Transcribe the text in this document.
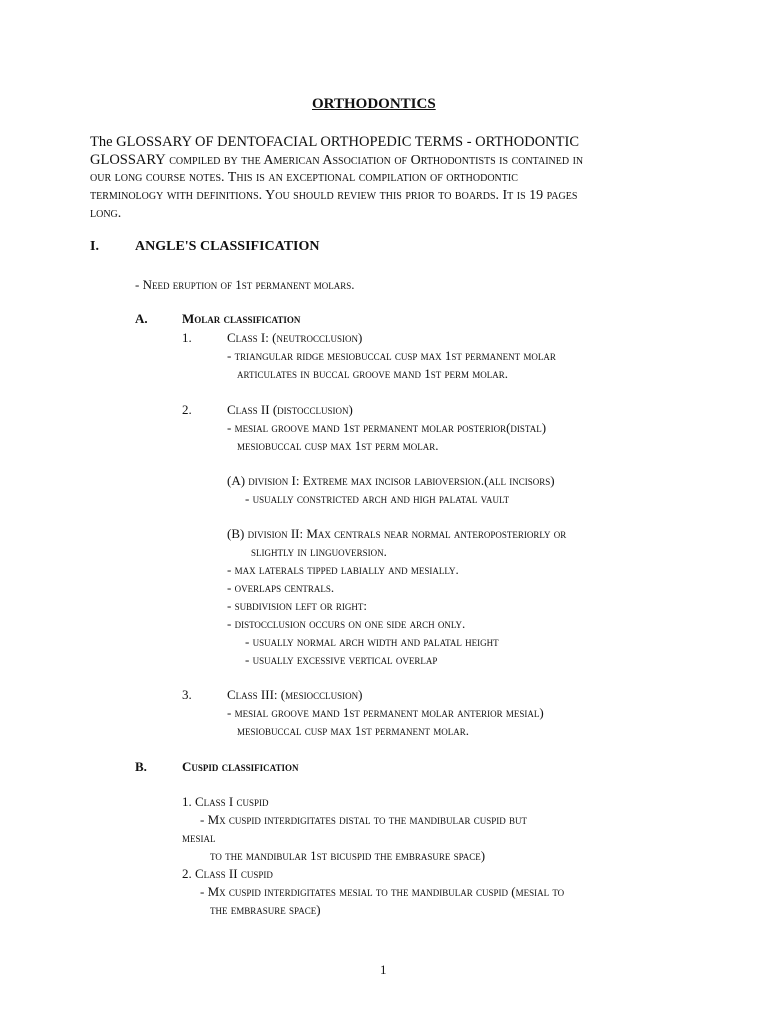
ORTHODONTICS
The GLOSSARY OF DENTOFACIAL ORTHOPEDIC TERMS - ORTHODONTIC
GLOSSARY compiled by the American Association of Orthodontists is contained in
our long course notes. This is an exceptional compilation of orthodontic
terminology with definitions. You should review this prior to boards. It is 19 pages
long.
I.	ANGLE'S CLASSIFICATION
- Need eruption of 1st permanent molars.
A.	Molar classification
1.	Class I: (neutrocclusion)
- triangular ridge mesiobuccal cusp max 1st permanent molar
articulates in buccal groove mand 1st perm molar.
2.	Class II (distocclusion)
- mesial groove mand 1st permanent molar posterior(distal)
mesiobuccal cusp max 1st perm molar.
(A) division I: Extreme max incisor labioversion.(all incisors)
- usually constricted arch and high palatal vault
(B) division II: Max centrals near normal anteroposteriorly or
slightly in linguoversion.
- max laterals tipped labially and mesially.
- overlaps centrals.
- subdivision left or right:
- distocclusion occurs on one side arch only.
- usually normal arch width and palatal height
- usually excessive vertical overlap
3.	Class III: (mesiocclusion)
- mesial groove mand 1st permanent molar anterior mesial)
mesiobuccal cusp max 1st permanent molar.
B.	Cuspid classification
1. Class I cuspid
- Mx cuspid interdigitates distal to the mandibular cuspid but
mesial
to the mandibular 1st bicuspid the embrasure space)
2. Class II cuspid
- Mx cuspid interdigitates mesial to the mandibular cuspid (mesial to
the embrasure space)
1
